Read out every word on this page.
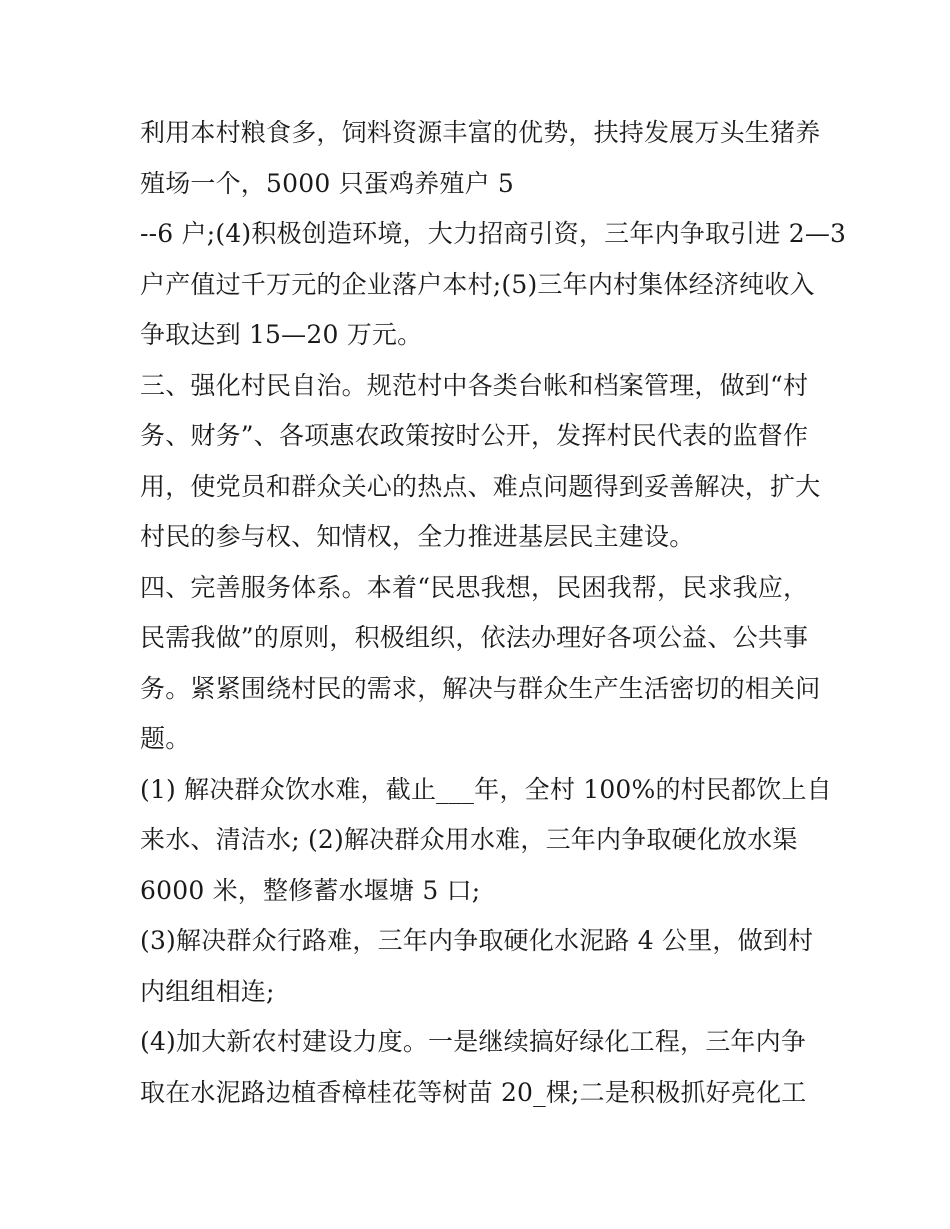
利用本村粮食多，饲料资源丰富的优势，扶持发展万头生猪养
殖场一个，5000 只蛋鸡养殖户 5
--6 户;(4)积极创造环境，大力招商引资，三年内争取引进 2—3
户产值过千万元的企业落户本村;(5)三年内村集体经济纯收入
争取达到 15—20 万元。
三、强化村民自治。规范村中各类台帐和档案管理，做到“村
务、财务”、各项惠农政策按时公开，发挥村民代表的监督作
用，使党员和群众关心的热点、难点问题得到妥善解决，扩大
村民的参与权、知情权，全力推进基层民主建设。
四、完善服务体系。本着“民思我想，民困我帮，民求我应，
民需我做”的原则，积极组织，依法办理好各项公益、公共事
务。紧紧围绕村民的需求，解决与群众生产生活密切的相关问
题。
(1) 解决群众饮水难，截止___年，全村 100%的村民都饮上自
来水、清洁水; (2)解决群众用水难，三年内争取硬化放水渠
6000 米，整修蓄水堰塘 5 口;
(3)解决群众行路难，三年内争取硬化水泥路 4 公里，做到村
内组组相连;
(4)加大新农村建设力度。一是继续搞好绿化工程，三年内争
取在水泥路边植香樟桂花等树苗 20_棵;二是积极抓好亮化工
